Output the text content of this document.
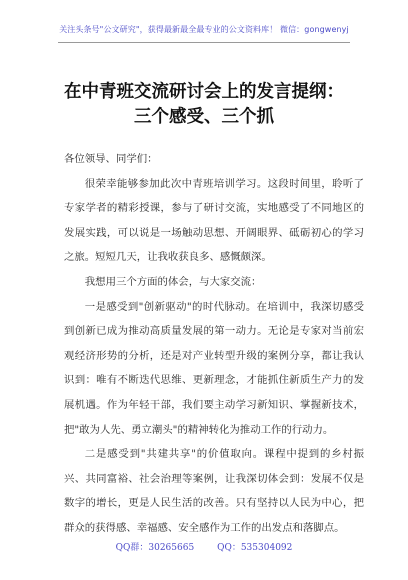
关注头条号"公文研究"，获得最新最全最专业的公文资料库！ 微信：gongwenyj
在中青班交流研讨会上的发言提纲：
三个感受、三个抓

各位领导、同学们：

很荣幸能够参加此次中青班培训学习。这段时间里，聆听了专家学者的精彩授课，参与了研讨交流，实地感受了不同地区的发展实践，可以说是一场触动思想、开阔眼界、砥砺初心的学习之旅。短短几天，让我收获良多、感慨颇深。

我想用三个方面的体会，与大家交流：

一是感受到"创新驱动"的时代脉动。在培训中，我深切感受到创新已成为推动高质量发展的第一动力。无论是专家对当前宏观经济形势的分析，还是对产业转型升级的案例分享，都让我认识到：唯有不断迭代思维、更新理念，才能抓住新质生产力的发展机遇。作为年轻干部，我们要主动学习新知识、掌握新技术，把"敢为人先、勇立潮头"的精神转化为推动工作的行动力。

二是感受到"共建共享"的价值取向。课程中提到的乡村振兴、共同富裕、社会治理等案例，让我深切体会到：发展不仅是数字的增长，更是人民生活的改善。只有坚持以人民为中心，把群众的获得感、幸福感、安全感作为工作的出发点和落脚点。

QQ群：30265665	QQ：535304092
